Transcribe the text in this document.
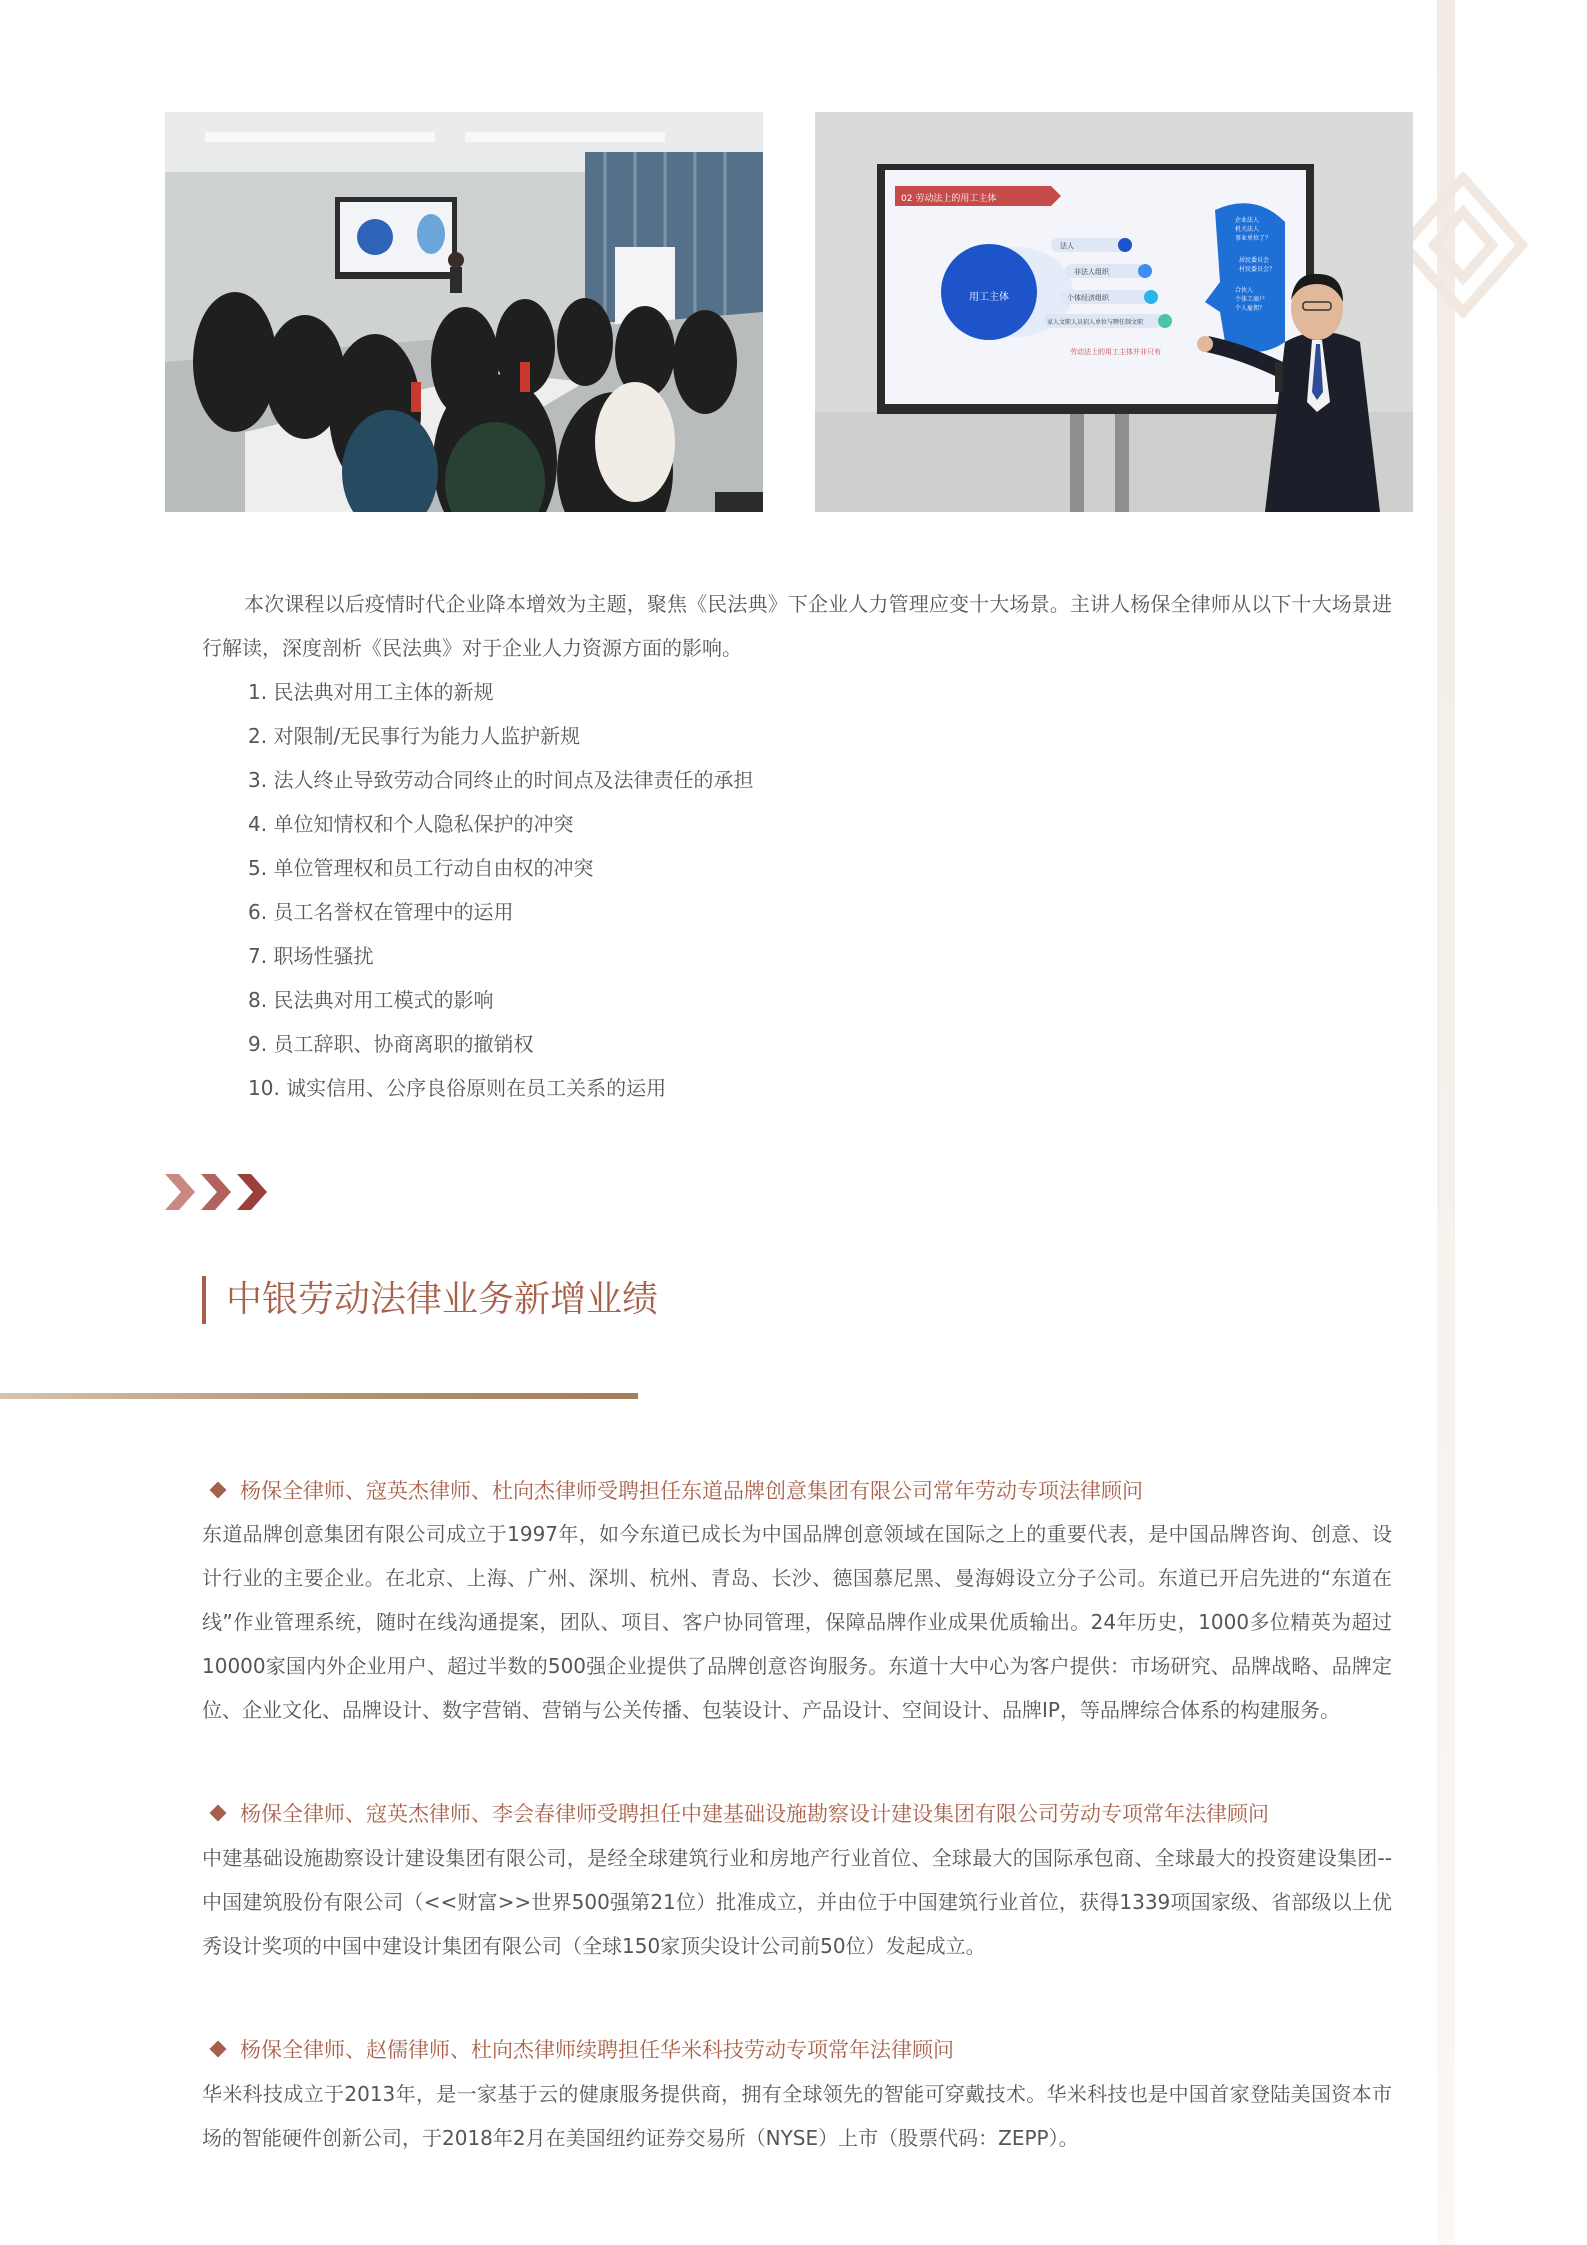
02 劳动法上的用工主体
用工主体
法人
非法人组织
个体经济组织
家人文职人员招人单位与聘任制文职
劳动法上的用工主体并非只有
企业法人
机关法人
事业单位了？
居民委员会
村民委员会？
合伙人
个体工商户
个人雇佣？

本次课程以后疫情时代企业降本增效为主题，聚焦《民法典》下企业人力管理应变十大场景。主讲人杨保全律师从以下十大场景进行解读，深度剖析《民法典》对于企业人力资源方面的影响。

1. 民法典对用工主体的新规
2. 对限制/无民事行为能力人监护新规
3. 法人终止导致劳动合同终止的时间点及法律责任的承担
4. 单位知情权和个人隐私保护的冲突
5. 单位管理权和员工行动自由权的冲突
6. 员工名誉权在管理中的运用
7. 职场性骚扰
8. 民法典对用工模式的影响
9. 员工辞职、协商离职的撤销权
10. 诚实信用、公序良俗原则在员工关系的运用
中银劳动法律业务新增业绩
杨保全律师、寇英杰律师、杜向杰律师受聘担任东道品牌创意集团有限公司常年劳动专项法律顾问

东道品牌创意集团有限公司成立于1997年，如今东道已成长为中国品牌创意领域在国际之上的重要代表，是中国品牌咨询、创意、设计行业的主要企业。在北京、上海、广州、深圳、杭州、青岛、长沙、德国慕尼黑、曼海姆设立分子公司。东道已开启先进的“东道在线”作业管理系统，随时在线沟通提案，团队、项目、客户协同管理，保障品牌作业成果优质输出。24年历史，1000多位精英为超过10000家国内外企业用户、超过半数的500强企业提供了品牌创意咨询服务。东道十大中心为客户提供：市场研究、品牌战略、品牌定位、企业文化、品牌设计、数字营销、营销与公关传播、包装设计、产品设计、空间设计、品牌IP，等品牌综合体系的构建服务。

杨保全律师、寇英杰律师、李会春律师受聘担任中建基础设施勘察设计建设集团有限公司劳动专项常年法律顾问

中建基础设施勘察设计建设集团有限公司，是经全球建筑行业和房地产行业首位、全球最大的国际承包商、全球最大的投资建设集团--中国建筑股份有限公司（<<财富>>世界500强第21位）批准成立，并由位于中国建筑行业首位，获得1339项国家级、省部级以上优秀设计奖项的中国中建设计集团有限公司（全球150家顶尖设计公司前50位）发起成立。

杨保全律师、赵儒律师、杜向杰律师续聘担任华米科技劳动专项常年法律顾问

华米科技成立于2013年，是一家基于云的健康服务提供商，拥有全球领先的智能可穿戴技术。华米科技也是中国首家登陆美国资本市场的智能硬件创新公司，于2018年2月在美国纽约证券交易所（NYSE）上市（股票代码：ZEPP）。
